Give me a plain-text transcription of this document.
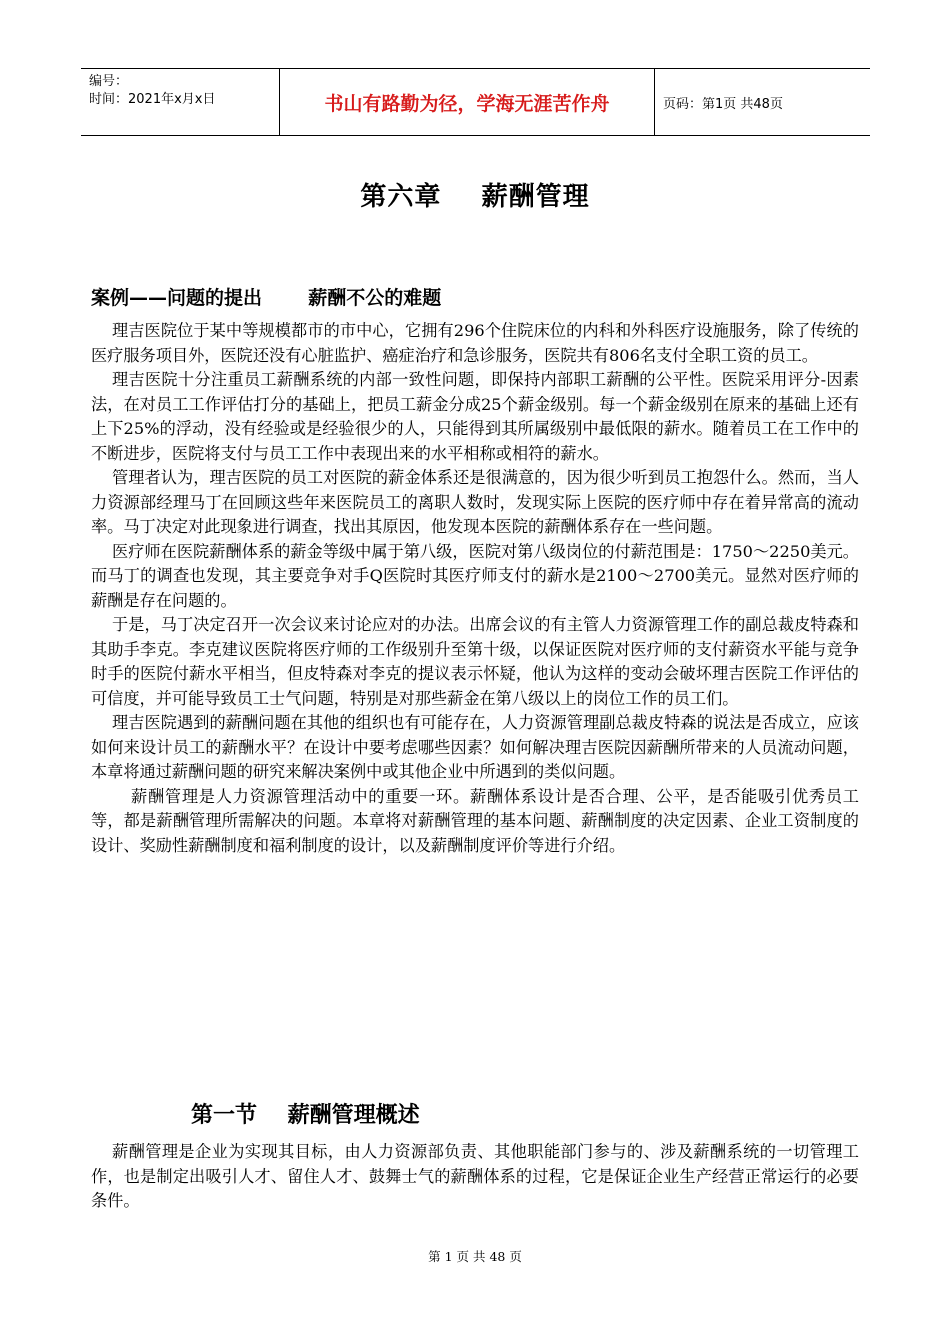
编号：
时间：2021年x月x日	书山有路勤为径，学海无涯苦作舟	页码：第1页 共48页
第六章    薪酬管理
案例——问题的提出       薪酬不公的难题

理吉医院位于某中等规模都市的市中心，它拥有296个住院床位的内科和外科医疗设施服务，除了传统的医疗服务项目外，医院还没有心脏监护、癌症治疗和急诊服务，医院共有806名支付全职工资的员工。

理吉医院十分注重员工薪酬系统的内部一致性问题，即保持内部职工薪酬的公平性。医院采用评分-因素法，在对员工工作评估打分的基础上，把员工薪金分成25个薪金级别。每一个薪金级别在原来的基础上还有上下25%的浮动，没有经验或是经验很少的人，只能得到其所属级别中最低限的薪水。随着员工在工作中的不断进步，医院将支付与员工工作中表现出来的水平相称或相符的薪水。

管理者认为，理吉医院的员工对医院的薪金体系还是很满意的，因为很少听到员工抱怨什么。然而，当人力资源部经理马丁在回顾这些年来医院员工的离职人数时，发现实际上医院的医疗师中存在着异常高的流动率。马丁决定对此现象进行调查，找出其原因，他发现本医院的薪酬体系存在一些问题。

医疗师在医院薪酬体系的薪金等级中属于第八级，医院对第八级岗位的付薪范围是：1750～2250美元。而马丁的调查也发现，其主要竞争对手Q医院时其医疗师支付的薪水是2100～2700美元。显然对医疗师的薪酬是存在问题的。

于是，马丁决定召开一次会议来讨论应对的办法。出席会议的有主管人力资源管理工作的副总裁皮特森和其助手李克。李克建议医院将医疗师的工作级别升至第十级，以保证医院对医疗师的支付薪资水平能与竞争时手的医院付薪水平相当，但皮特森对李克的提议表示怀疑，他认为这样的变动会破坏理吉医院工作评估的可信度，并可能导致员工士气问题，特别是对那些薪金在第八级以上的岗位工作的员工们。

理吉医院遇到的薪酬问题在其他的组织也有可能存在，人力资源管理副总裁皮特森的说法是否成立，应该如何来设计员工的薪酬水平？在设计中要考虑哪些因素？如何解决理吉医院因薪酬所带来的人员流动问题，本章将通过薪酬问题的研究来解决案例中或其他企业中所遇到的类似问题。

薪酬管理是人力资源管理活动中的重要一环。薪酬体系设计是否合理、公平，是否能吸引优秀员工等，都是薪酬管理所需解决的问题。本章将对薪酬管理的基本问题、薪酬制度的决定因素、企业工资制度的设计、奖励性薪酬制度和福利制度的设计，以及薪酬制度评价等进行介绍。

第一节    薪酬管理概述

薪酬管理是企业为实现其目标，由人力资源部负责、其他职能部门参与的、涉及薪酬系统的一切管理工作，也是制定出吸引人才、留住人才、鼓舞士气的薪酬体系的过程，它是保证企业生产经营正常运行的必要条件。

第 1 页 共 48 页
